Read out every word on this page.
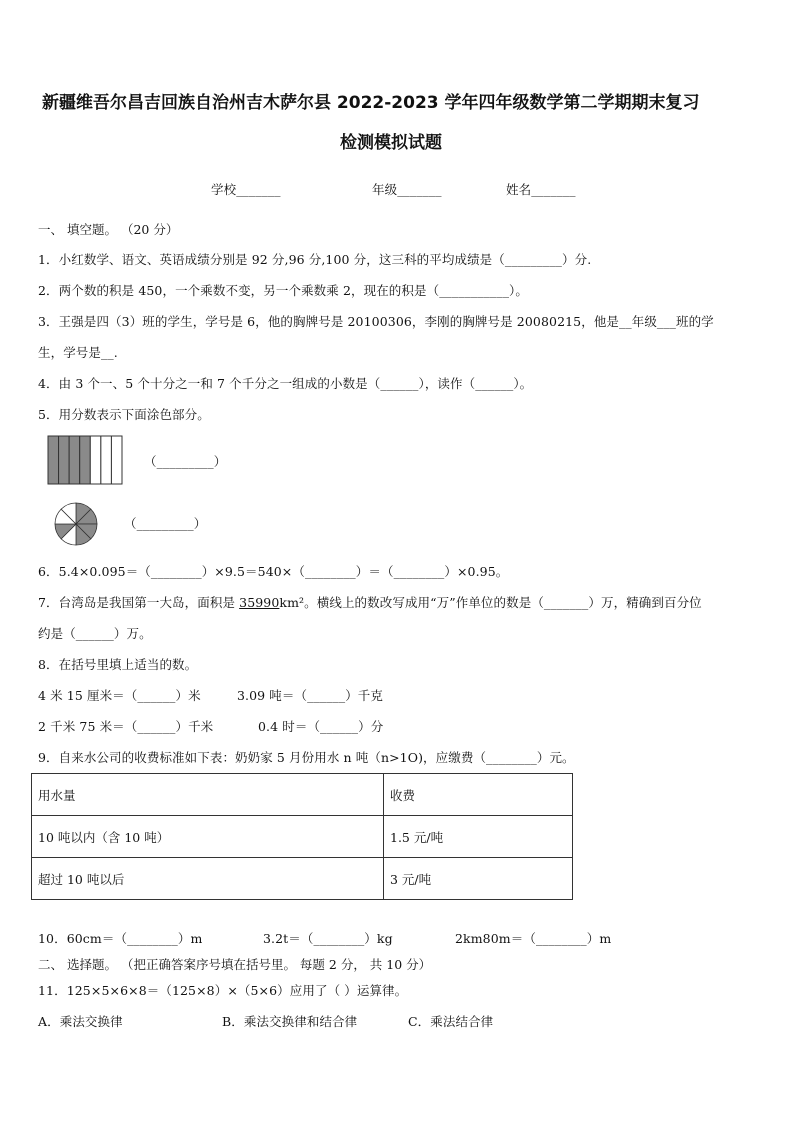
新疆维吾尔昌吉回族自治州吉木萨尔县 2022-2023 学年四年级数学第二学期期末复习
检测模拟试题
学校_______	年级_______	姓名_______
一、 填空题。 （20 分）
1．小红数学、语文、英语成绩分别是 92 分,96 分,100 分，这三科的平均成绩是（_________）分.
2．两个数的积是 450，一个乘数不变，另一个乘数乘 2，现在的积是（___________）。
3．王强是四（3）班的学生，学号是 6，他的胸牌号是 20100306，李刚的胸牌号是 20080215，他是__年级___班的学
生，学号是__.
4．由 3 个一、5 个十分之一和 7 个千分之一组成的小数是（______），读作（______）。
5．用分数表示下面涂色部分。
（_________）
（_________）
6．5.4×0.095＝（________）×9.5＝540×（________）＝（________）×0.95。
7．台湾岛是我国第一大岛，面积是 35990km²。横线上的数改写成用“万”作单位的数是（_______）万，精确到百分位
约是（______）万。
8．在括号里填上适当的数。
4 米 15 厘米＝（______）米	3.09 吨＝（______）千克
2 千米 75 米＝（______）千米	0.4 时＝（______）分
9．自来水公司的收费标准如下表：奶奶家 5 月份用水 n 吨（n>1O)，应缴费（________）元。
用水量	收费
10 吨以内（含 10 吨）	1.5 元/吨
超过 10 吨以后	3 元/吨
10．60cm＝（________）m	3.2t＝（________）kg	2km80m＝（________）m
二、 选择题。 （把正确答案序号填在括号里。 每题 2 分， 共 10 分）
11．125×5×6×8＝（125×8）×（5×6）应用了（ ）运算律。
A．乘法交换律	B．乘法交换律和结合律	C．乘法结合律
